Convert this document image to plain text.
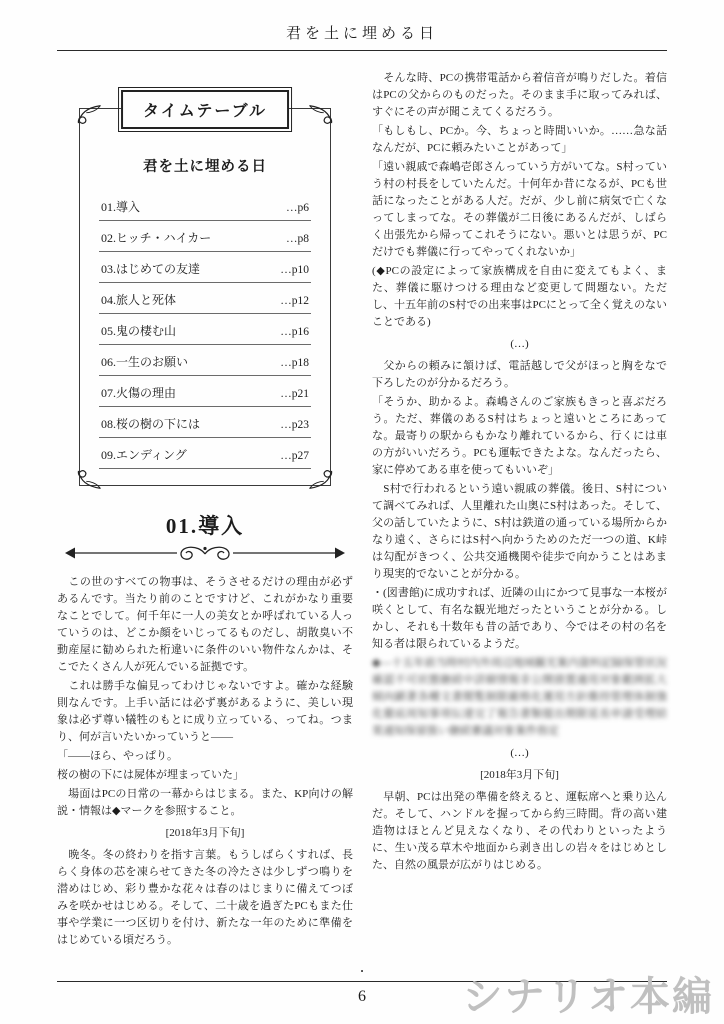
君を土に埋める日
タイムテーブル
君を土に埋める日
01.導入	…p6
02.ヒッチ・ハイカー	…p8
03.はじめての友達	…p10
04.旅人と死体	…p12
05.鬼の棲む山	…p16
06.一生のお願い	…p18
07.火傷の理由	…p21
08.桜の樹の下には	…p23
09.エンディング	…p27
01.導入

　この世のすべての物事は、そうさせるだけの理由が必ずあるんです。当たり前のことですけど、これがかなり重要なことでして。何千年に一人の美女とか呼ばれている人っていうのは、どこか顔をいじってるものだし、胡散臭い不動産屋に勧められた桁違いに条件のいい物件なんかは、そこでたくさん人が死んでいる証拠です。

　これは勝手な偏見ってわけじゃないですよ。確かな経験則なんです。上手い話には必ず裏があるように、美しい現象は必ず尊い犠牲のもとに成り立っている、ってね。つまり、何が言いたいかっていうと――

「――ほら、やっぱり。

桜の樹の下には屍体が埋まっていた」

　場面はPCの日常の一幕からはじまる。また、KP向けの解説・情報は◆マークを参照すること。

[2018年3月下旬]

　晩冬。冬の終わりを指す言葉。もうしばらくすれば、長らく身体の芯を凍らせてきた冬の冷たさは少しずつ鳴りを潜めはじめ、彩り豊かな花々は春のはじまりに備えてつぼみを咲かせはじめる。そして、二十歳を過ぎたPCもまた仕事や学業に一つ区切りを付け、新たな一年のために準備をはじめている頃だろう。

　そんな時、PCの携帯電話から着信音が鳴りだした。着信はPCの父からのものだった。そのまま手に取ってみれば、すぐにその声が聞こえてくるだろう。

「もしもし、PCか。今、ちょっと時間いいか。……急な話なんだが、PCに頼みたいことがあって」

「遠い親戚で森嶋壱郎さんっていう方がいてな。S村っていう村の村長をしていたんだ。十何年か昔になるが、PCも世話になったことがある人だ。だが、少し前に病気で亡くなってしまってな。その葬儀が二日後にあるんだが、しばらく出張先から帰ってこれそうにない。悪いとは思うが、PCだけでも葬儀に行ってやってくれないか」

(◆PCの設定によって家族構成を自由に変えてもよく、また、葬儀に駆けつける理由など変更して問題ない。ただし、十五年前のS村での出来事はPCにとって全く覚えのないことである)

(…)

　父からの頼みに頷けば、電話越しで父がほっと胸をなで下ろしたのが分かるだろう。

「そうか、助かるよ。森嶋さんのご家族もきっと喜ぶだろう。ただ、葬儀のあるS村はちょっと遠いところにあってな。最寄りの駅からもかなり離れているから、行くには車の方がいいだろう。PCも運転できたよな。なんだったら、家に停めてある車を使ってもいいぞ」

　S村で行われるという遠い親戚の葬儀。後日、S村について調べてみれば、人里離れた山奥にS村はあった。そして、父の話していたように、S村は鉄道の通っている場所からかなり遠く、さらにはS村へ向かうためのただ一つの道、K峠は勾配がきつく、公共交通機関や徒歩で向かうことはあまり現実的でないことが分かる。

・(図書館)に成功すれば、近隣の山にかつて見事な一本桜が咲くとして、有名な観光地だったということが分かる。しかし、それも十数年も昔の話であり、今ではその村の名を知る者は限られているようだ。

◆―十五年前当時村内外周辺地域観光案内資料記録保管状況確認不可状態継続中詳細情報非公開措置適用対象範囲拡大傾向顕著各種文書閲覧制限厳格化運用方針維持管理体制強化徹底周知事項伝達完了報告書類提出期限延長申請受理結果通知保留扱い継続審議対象案件指定

(…)

[2018年3月下旬]

　早朝、PCは出発の準備を終えると、運転席へと乗り込んだ。そして、ハンドルを握ってから約三時間。背の高い建造物はほとんど見えなくなり、その代わりといったように、生い茂る草木や地面から剥き出しの岩々をはじめとした、自然の風景が広がりはじめる。

•
6	シナリオ本編
